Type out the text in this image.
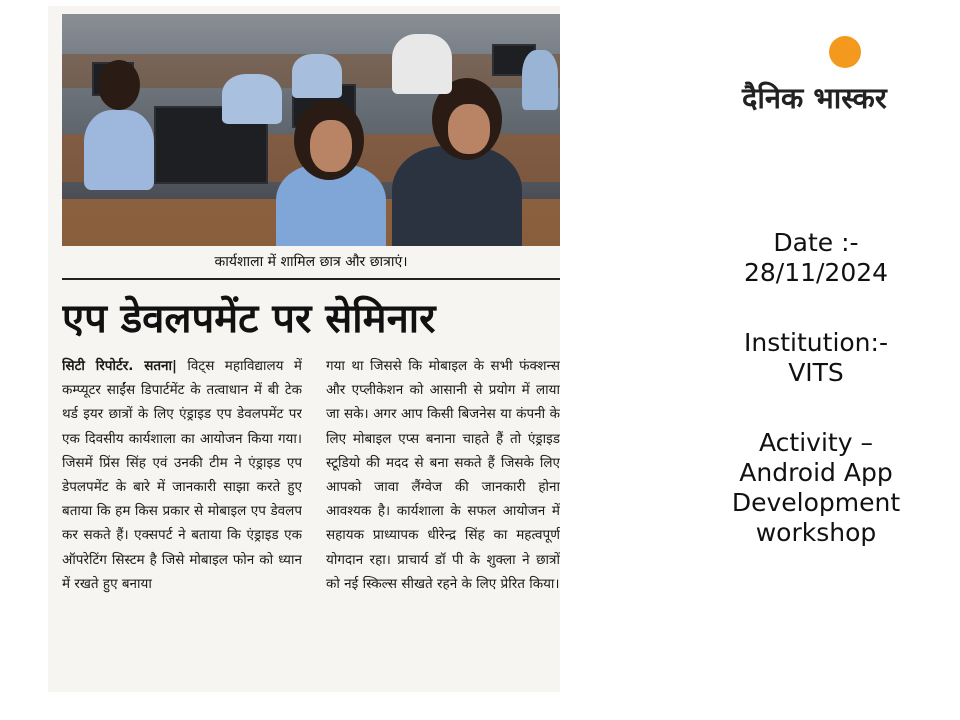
कार्यशाला में शामिल छात्र और छात्राएं।
एप डेवलपमेंट पर सेमिनार
सिटी रिपोर्टर. सतना| विट्स महाविद्यालय में कम्प्यूटर साईंस डिपार्टमेंट के तत्वाधान में बी टेक थर्ड इयर छात्रों के लिए एंड्राइड एप डेवलपमेंट पर एक दिवसीय कार्यशाला का आयोजन किया गया। जिसमें प्रिंस सिंह एवं उनकी टीम ने एंड्राइड एप डेपलपमेंट के बारे में जानकारी साझा करते हुए बताया कि हम किस प्रकार से मोबाइल एप डेवलप कर सकते हैं। एक्सपर्ट ने बताया कि एंड्राइड एक ऑपरेटिंग सिस्टम है जिसे मोबाइल फोन को ध्यान में रखते हुए बनाया
गया था जिससे कि मोबाइल के सभी फंक्शन्स और एप्लीकेशन को आसानी से प्रयोग में लाया जा सके। अगर आप किसी बिजनेस या कंपनी के लिए मोबाइल एप्स बनाना चाहते हैं तो एंड्राइड स्टूडियो की मदद से बना सकते हैं जिसके लिए आपको जावा लैंग्वेज की जानकारी होना आवश्यक है। कार्यशाला के सफल आयोजन में सहायक प्राध्यापक धीरेन्द्र सिंह का महत्वपूर्ण योगदान रहा। प्राचार्य डॉ पी के शुक्ला ने छात्रों को नई स्किल्स सीखते रहने के लिए प्रेरित किया।
दैनिक भास्कर
Date :-
28/11/2024
Institution:-
VITS
Activity –
Android App
Development
workshop
